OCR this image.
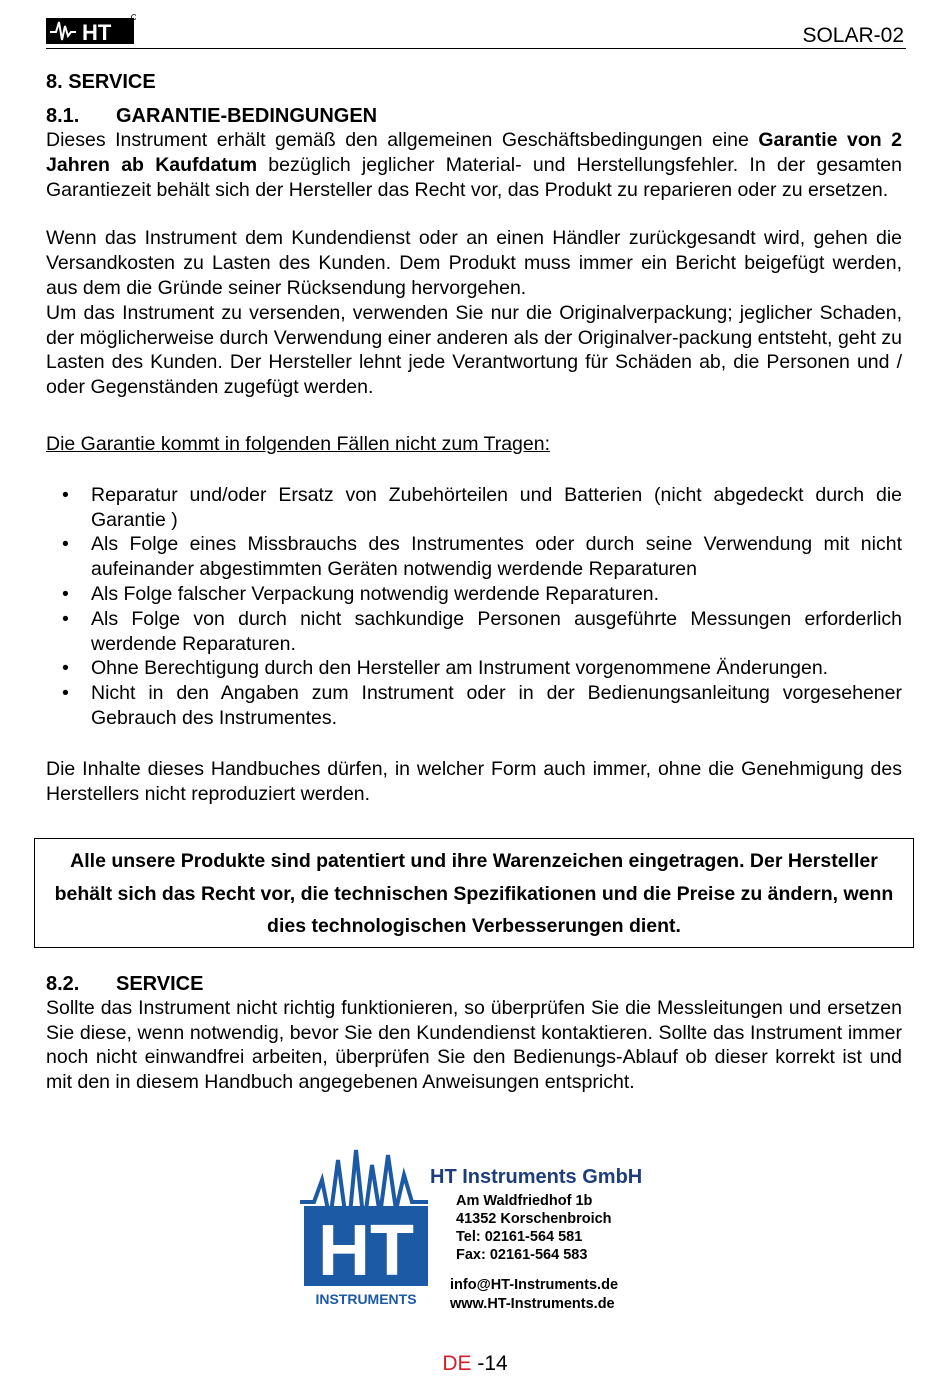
HT	SOLAR-02
8. SERVICE
8.1. GARANTIE-BEDINGUNGEN

Dieses Instrument erhält gemäß den allgemeinen Geschäftsbedingungen eine Garantie von 2 Jahren ab Kaufdatum bezüglich jeglicher Material- und Herstellungsfehler. In der gesamten Garantiezeit behält sich der Hersteller das Recht vor, das Produkt zu reparieren oder zu ersetzen.

Wenn das Instrument dem Kundendienst oder an einen Händler zurückgesandt wird, gehen die Versandkosten zu Lasten des Kunden. Dem Produkt muss immer ein Bericht beigefügt werden, aus dem die Gründe seiner Rücksendung hervorgehen.

Um das Instrument zu versenden, verwenden Sie nur die Originalverpackung; jeglicher Schaden, der möglicherweise durch Verwendung einer anderen als der Originalver-packung entsteht, geht zu Lasten des Kunden. Der Hersteller lehnt jede Verantwortung für Schäden ab, die Personen und / oder Gegenständen zugefügt werden.

Die Garantie kommt in folgenden Fällen nicht zum Tragen:

• Reparatur und/oder Ersatz von Zubehörteilen und Batterien (nicht abgedeckt durch die Garantie )
• Als Folge eines Missbrauchs des Instrumentes oder durch seine Verwendung mit nicht aufeinander abgestimmten Geräten notwendig werdende Reparaturen
• Als Folge falscher Verpackung notwendig werdende Reparaturen.
• Als Folge von durch nicht sachkundige Personen ausgeführte Messungen erforderlich werdende Reparaturen.
• Ohne Berechtigung durch den Hersteller am Instrument vorgenommene Änderungen.
• Nicht in den Angaben zum Instrument oder in der Bedienungsanleitung vorgesehener Gebrauch des Instrumentes.

Die Inhalte dieses Handbuches dürfen, in welcher Form auch immer, ohne die Genehmigung des Herstellers nicht reproduziert werden.

Alle unsere Produkte sind patentiert und ihre Warenzeichen eingetragen. Der Hersteller behält sich das Recht vor, die technischen Spezifikationen und die Preise zu ändern, wenn dies technologischen Verbesserungen dient.
8.2. SERVICE

Sollte das Instrument nicht richtig funktionieren, so überprüfen Sie die Messleitungen und ersetzen Sie diese, wenn notwendig, bevor Sie den Kundendienst kontaktieren. Sollte das Instrument immer noch nicht einwandfrei arbeiten, überprüfen Sie den Bedienungs-Ablauf ob dieser korrekt ist und mit den in diesem Handbuch angegebenen Anweisungen entspricht.

HT
INSTRUMENTS
HT Instruments GmbH
Am Waldfriedhof 1b
41352 Korschenbroich
Tel: 02161-564 581
Fax: 02161-564 583
info@HT-Instruments.de
www.HT-Instruments.de
DE -14
